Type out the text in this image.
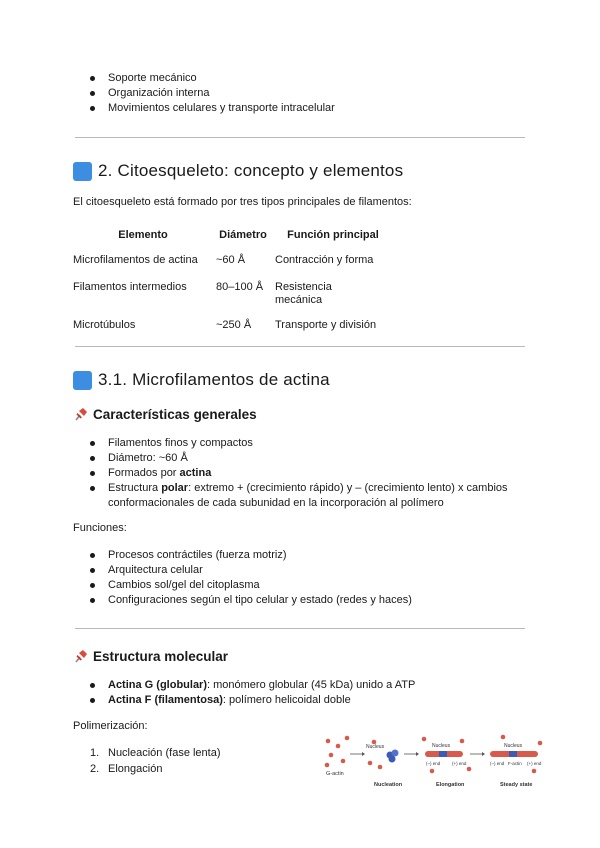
Soporte mecánico
Organización interna
Movimientos celulares y transporte intracelular
2. Citoesqueleto: concepto y elementos
El citoesqueleto está formado por tres tipos principales de filamentos:
Elemento	Diámetro	Función principal
Microfilamentos de actina	~60 Å	Contracción y forma
Filamentos intermedios	80–100 Å	Resistencia
mecánica

Microtúbulos	~250 Å	Transporte y división
3.1. Microfilamentos de actina
Características generales
Filamentos finos y compactos
Diámetro: ~60 Å
Formados por actina
Estructura polar: extremo + (crecimiento rápido) y – (crecimiento lento) x cambios conformacionales de cada subunidad en la incorporación al polímero
Funciones:
Procesos contráctiles (fuerza motriz)
Arquitectura celular
Cambios sol/gel del citoplasma
Configuraciones según el tipo celular y estado (redes y haces)
Estructura molecular
Actina G (globular): monómero globular (45 kDa) unido a ATP
Actina F (filamentosa): polímero helicoidal doble
Polimerización:
1. Nucleación (fase lenta)
2. Elongación	G-actin
Nucleation	Elongation	Steady state
Nucleus	Nucleus	Nucleus
(–) end	(+) end	(–) end	(+) end
F-actin
